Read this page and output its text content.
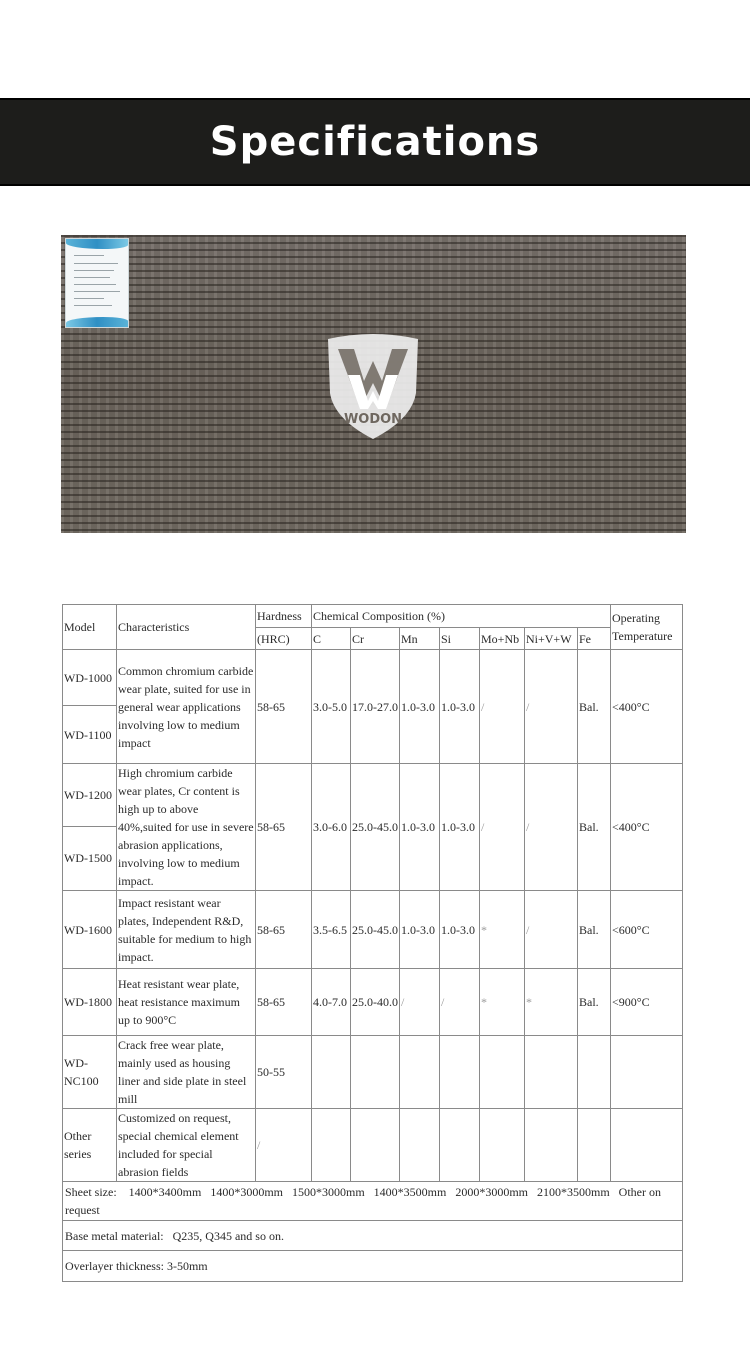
Specifications
WODON
Model	Characteristics	Hardness	Chemical Composition (%)							Operating
Temperature
		(HRC)	C	Cr	Mn	Si	Mo+Nb	Ni+V+W	Fe	
WD-1000	Common chromium carbide wear plate, suited for use in general wear applications involving low to medium impact	58-65	3.0-5.0	17.0-27.0	1.0-3.0	1.0-3.0	/	/	Bal.	<400°C
WD-1100										
WD-1200	High chromium carbide wear plates, Cr content is high up to above 40%,suited for use in severe abrasion applications, involving low to medium impact.	58-65	3.0-6.0	25.0-45.0	1.0-3.0	1.0-3.0	/	/	Bal.	<400°C
WD-1500										
WD-1600	Impact resistant wear plates, Independent R&D, suitable for medium to high impact.	58-65	3.5-6.5	25.0-45.0	1.0-3.0	1.0-3.0	*	/	Bal.	<600°C
WD-1800	Heat resistant wear plate, heat resistance maximum up to 900°C	58-65	4.0-7.0	25.0-40.0	/	/	*	*	Bal.	<900°C
WD-NC100	Crack free wear plate, mainly used as housing liner and side plate in steel mill	50-55								
Other series	Customized on request, special chemical element included for special abrasion fields	/								
Sheet size:    1400*3400mm   1400*3000mm   1500*3000mm   1400*3500mm   2000*3000mm   2100*3500mm   Other on request										
Base metal material:   Q235, Q345 and so on.										
Overlayer thickness: 3-50mm										
